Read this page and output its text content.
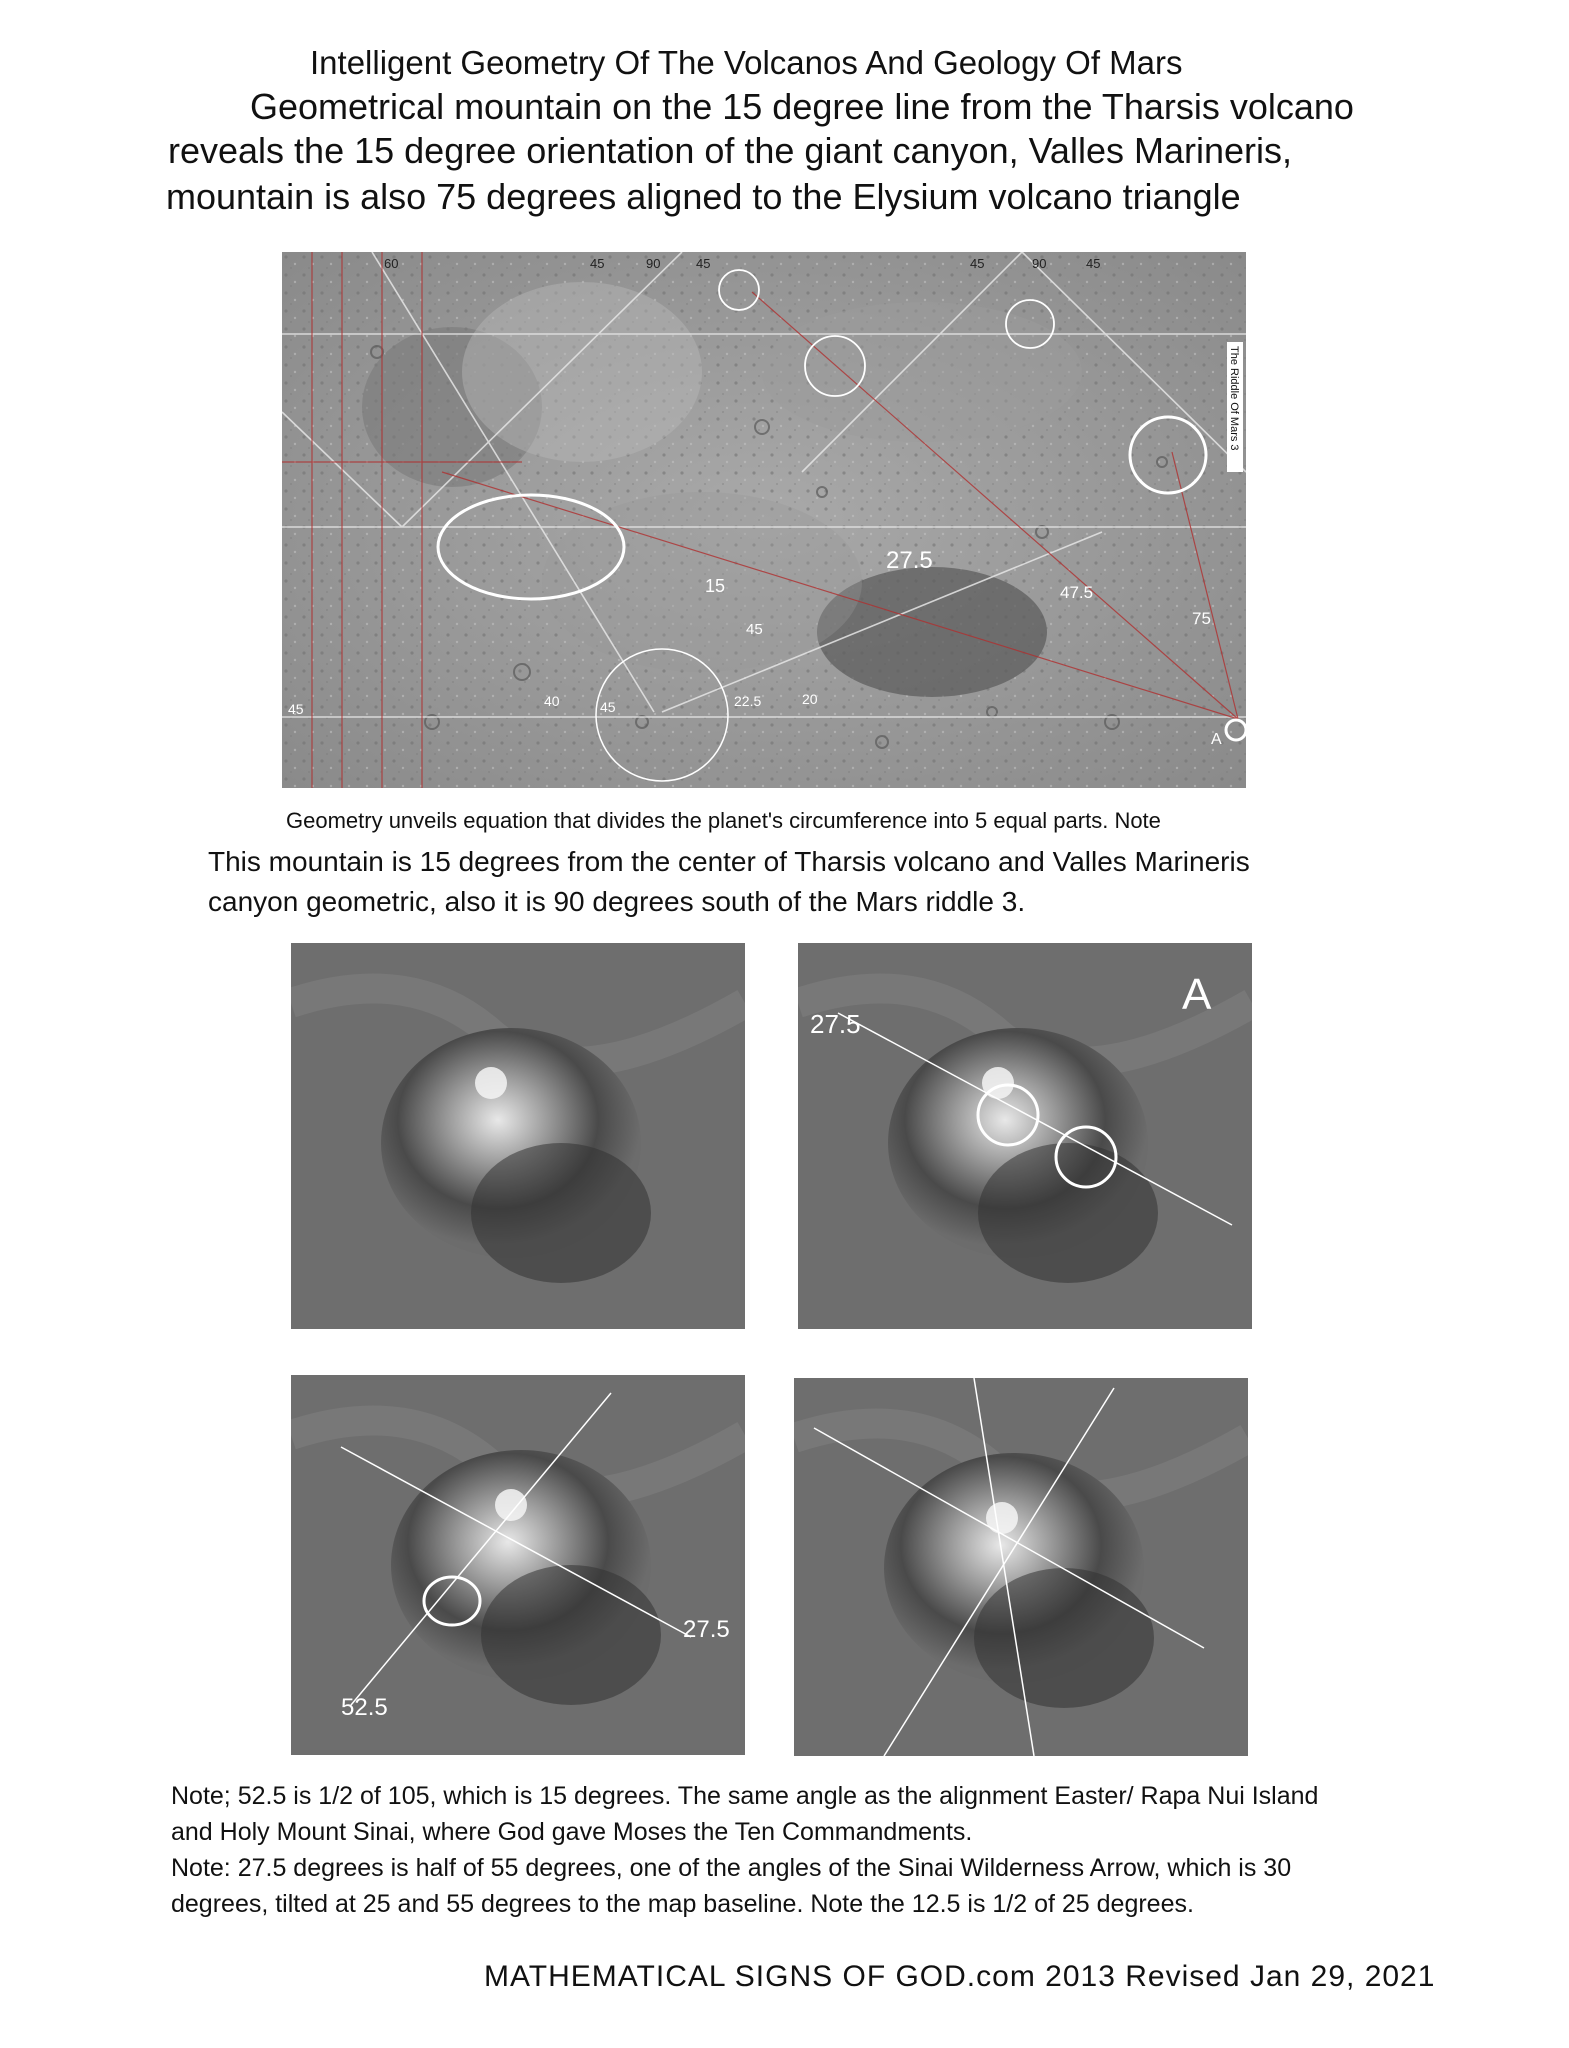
Intelligent Geometry Of The Volcanos And Geology Of Mars
Geometrical mountain on the 15 degree line from the Tharsis volcano
reveals the 15 degree orientation of the giant canyon, Valles Marineris,
mountain is also 75 degrees aligned to the Elysium volcano triangle
60	45	90	45	45	90	45
The Riddle Of Mars 3
15
27.5
47.5
75
45
22.5	20
40	45
45
A
Geometry unveils equation that divides the planet's circumference into 5 equal parts. Note
This mountain is 15 degrees from the center of Tharsis volcano and Valles Marineris
canyon geometric, also it is 90 degrees south of the Mars riddle 3.
27.5
A
27.5
52.5
Note; 52.5 is 1/2 of 105, which is 15 degrees. The same angle as the alignment Easter/ Rapa Nui Island
and Holy Mount Sinai, where God gave Moses the Ten Commandments.
Note: 27.5 degrees is half of 55 degrees, one of the angles of the Sinai Wilderness Arrow, which is 30
degrees, tilted at 25 and 55 degrees to the map baseline. Note the 12.5 is 1/2 of 25 degrees.
MATHEMATICAL SIGNS OF GOD.com 2013 Revised Jan 29, 2021
